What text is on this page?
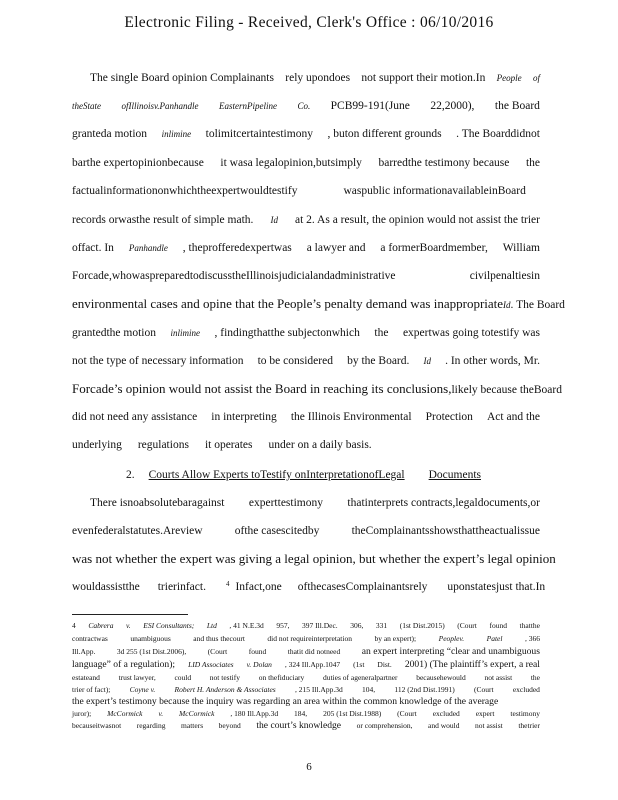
Electronic Filing - Received, Clerk's Office : 06/10/2016
The single Board opinion Complainants rely upondoes not support their motion.In People of
theState ofIllinoisv.Panhandle EasternPipeline Co. PCB99-191(June 22,2000), the Board
granteda motion inlimine tolimitcertaintestimony , buton different grounds . The Boarddidnot
barthe expertopinionbecause it wasa legalopinion,butsimply barredthe testimony because the
factualinformationonwhichtheexpertwouldtestify	waspublic informationavailableinBoard
records orwasthe result of simple math. Id at 2. As a result, the opinion would not assist the trier
offact. In Panhandle , theprofferedexpertwas a lawyer and a formerBoardmember, William
Forcade,whowaspreparedtodiscusstheIllinoisjudicialandadministrative	civilpenaltiesin
environmental cases and opine that the People’s penalty demand was inappropriate Id . The Board
grantedthe motion inlimine , findingthatthe subjectonwhich the expertwas going totestify was
not the type of necessary information to be considered by the Board. Id . In other words, Mr.
Forcade’s opinion would not assist the Board in reaching its conclusions, likely because theBoard
did not need any assistance in interpreting the Illinois Environmental Protection Act and the
underlying regulations it operates under on a daily basis.
2. Courts Allow Experts toTestify onInterpretationofLegal	Documents
There isnoabsolutebaragainst experttestimony thatinterprets contracts,legaldocuments,or
evenfederalstatutes.Areview	ofthe casescitedby	theComplainantsshowsthattheactualissue
was not whether the expert was giving a legal opinion, but whether the expert’s legal opinion
wouldassistthe trierinfact.	4 Infact,one ofthecasesComplainantsrely uponstatesjust that.In
4 Cabrera v. ESI Consultants; Ltd , 41 N.E.3d 957, 397 Ill.Dec. 306, 331 (1st Dist.2015) (Court found thatthe
contractwas	unambiguous	and thus thecourt	did not requireinterpretation	by an expert);	Peoplev.	Patel	, 366
Ill.App.	3d 255 (1st Dist.2006),	(Court	found	thatit did notneed an expert interpreting “clear and unambiguous
language” of a regulation); LID Associates v. Dolan , 324 Ill.App.1047 (1st Dist. 2001) (The plaintiff’s expert, a real
estateand trust lawyer, could not testify on thefiduciary duties of ageneralpartner becausehewould not assist the
trier of fact);	Coyne v.	Robert H. Anderson & Associates	, 215 Ill.App.3d	104,	112 (2nd Dist.1991)	(Court	excluded
the expert’s testimony because the inquiry was regarding an area within the common knowledge of the average
juror); McCormick v. McCormick , 180 Ill.App.3d 184, 205 (1st Dist.1988) (Court excluded expert testimony
becauseitwasnot regarding matters beyond the court’s knowledge or comprehension, and would not assist thetrier
6
